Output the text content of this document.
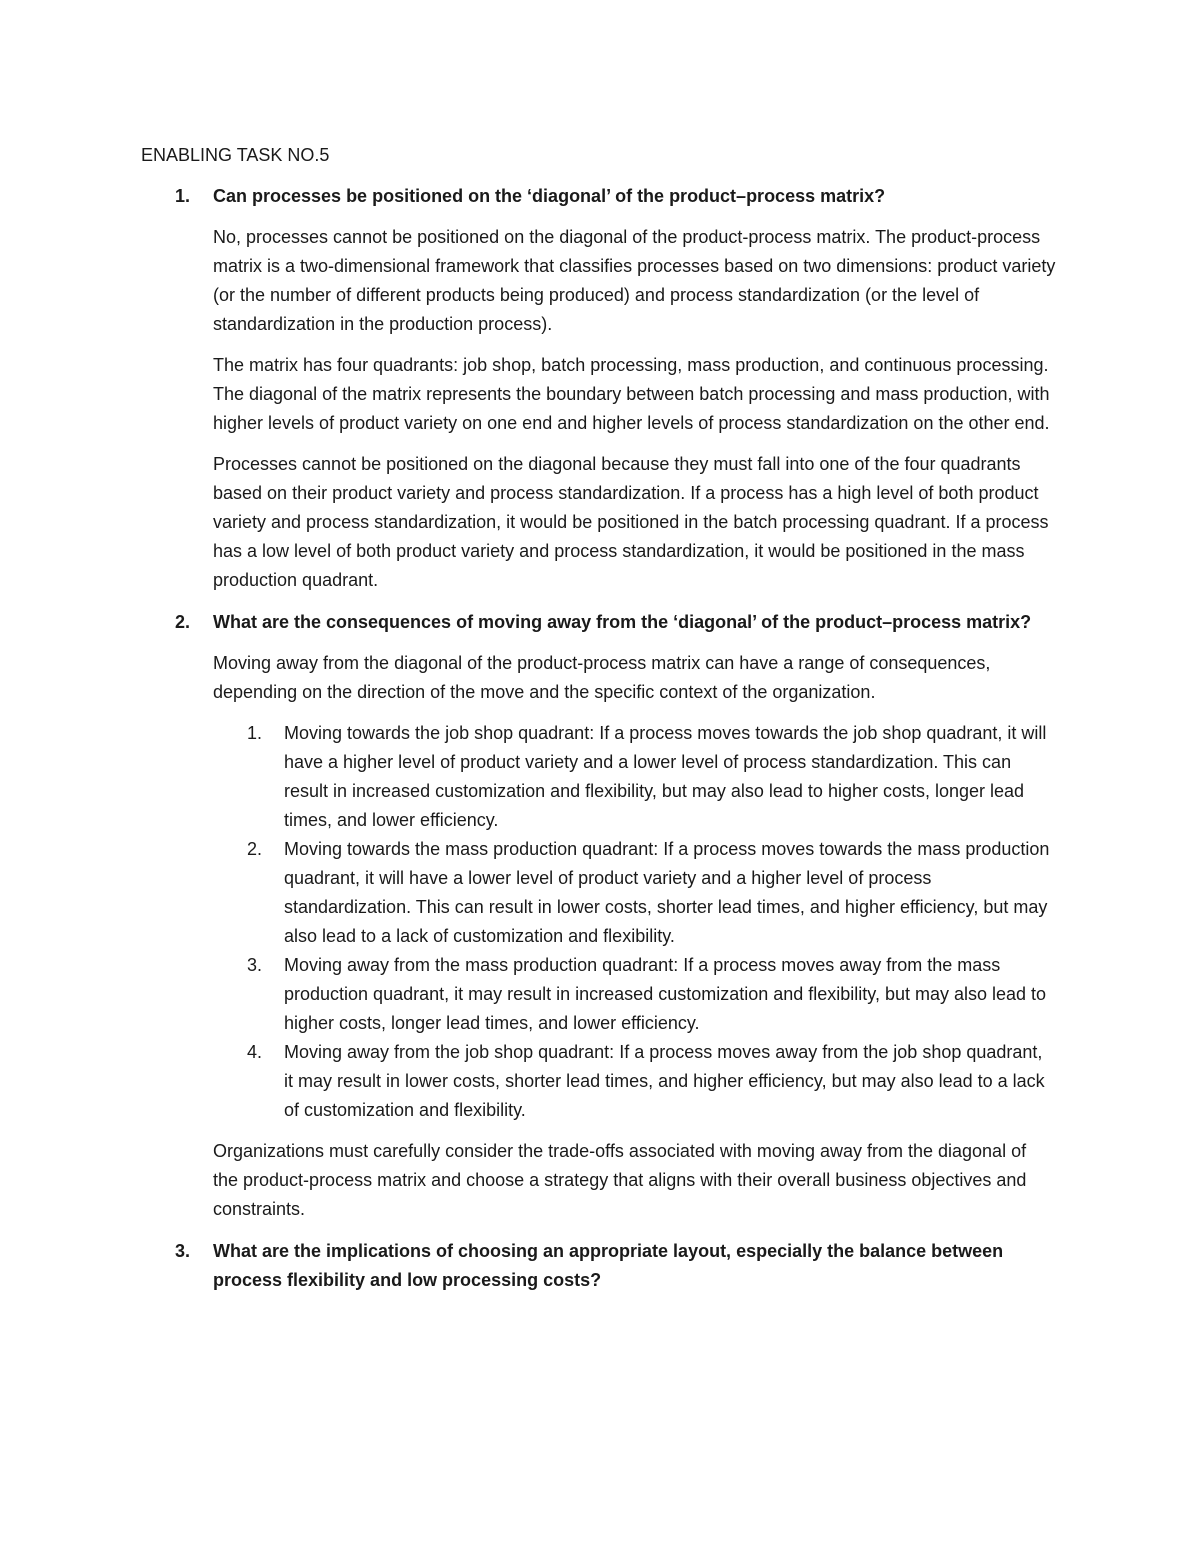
ENABLING TASK NO.5
1. Can processes be positioned on the ‘diagonal’ of the product–process matrix?

No, processes cannot be positioned on the diagonal of the product-process matrix. The product-process matrix is a two-dimensional framework that classifies processes based on two dimensions: product variety (or the number of different products being produced) and process standardization (or the level of standardization in the production process).

The matrix has four quadrants: job shop, batch processing, mass production, and continuous processing. The diagonal of the matrix represents the boundary between batch processing and mass production, with higher levels of product variety on one end and higher levels of process standardization on the other end.

Processes cannot be positioned on the diagonal because they must fall into one of the four quadrants based on their product variety and process standardization. If a process has a high level of both product variety and process standardization, it would be positioned in the batch processing quadrant. If a process has a low level of both product variety and process standardization, it would be positioned in the mass production quadrant.

2. What are the consequences of moving away from the ‘diagonal’ of the product–process matrix?

Moving away from the diagonal of the product-process matrix can have a range of consequences, depending on the direction of the move and the specific context of the organization.

1. Moving towards the job shop quadrant: If a process moves towards the job shop quadrant, it will have a higher level of product variety and a lower level of process standardization. This can result in increased customization and flexibility, but may also lead to higher costs, longer lead times, and lower efficiency.
2. Moving towards the mass production quadrant: If a process moves towards the mass production quadrant, it will have a lower level of product variety and a higher level of process standardization. This can result in lower costs, shorter lead times, and higher efficiency, but may also lead to a lack of customization and flexibility.
3. Moving away from the mass production quadrant: If a process moves away from the mass production quadrant, it may result in increased customization and flexibility, but may also lead to higher costs, longer lead times, and lower efficiency.
4. Moving away from the job shop quadrant: If a process moves away from the job shop quadrant, it may result in lower costs, shorter lead times, and higher efficiency, but may also lead to a lack of customization and flexibility.

Organizations must carefully consider the trade-offs associated with moving away from the diagonal of the product-process matrix and choose a strategy that aligns with their overall business objectives and constraints.

3. What are the implications of choosing an appropriate layout, especially the balance between process flexibility and low processing costs?
